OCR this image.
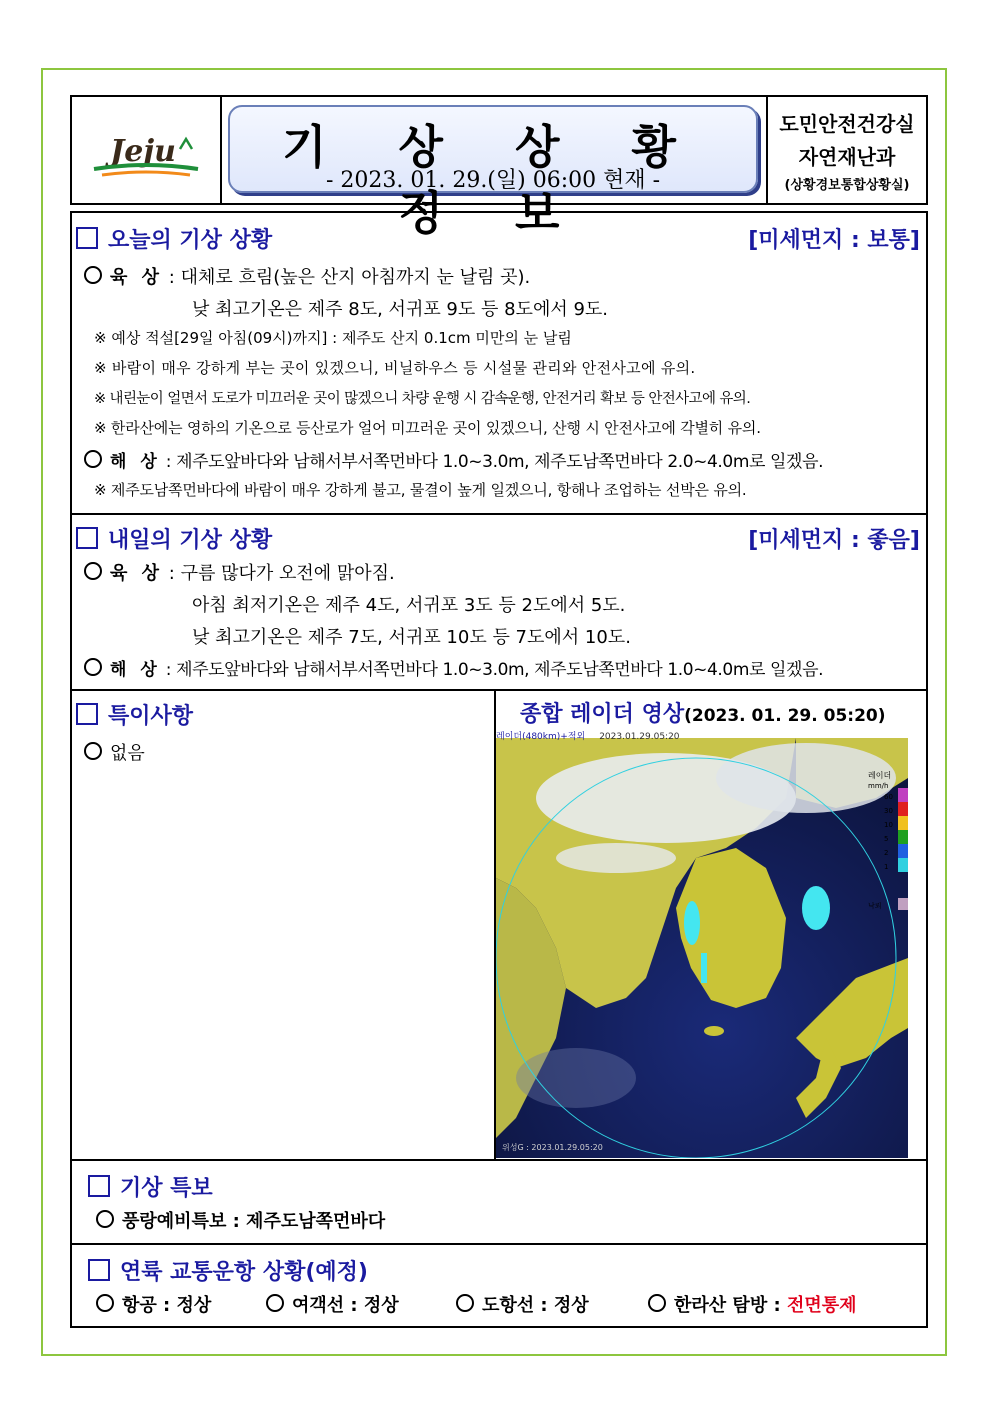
Jeju	기 상 상 황 정 보
- 2023. 01. 29.(일) 06:00 현재 -
도민안전건강실
자연재난과
(상황경보통합상황실)
오늘의 기상 상황	[미세먼지 : 보통]
육 상 : 대체로 흐림(높은 산지 아침까지 눈 날림 곳).
낮 최고기온은 제주 8도, 서귀포 9도 등 8도에서 9도.
※ 예상 적설[29일 아침(09시)까지] : 제주도 산지 0.1cm 미만의 눈 날림
※ 바람이 매우 강하게 부는 곳이 있겠으니, 비닐하우스 등 시설물 관리와 안전사고에 유의.
※ 내린눈이 얼면서 도로가 미끄러운 곳이 많겠으니 차량 운행 시 감속운행, 안전거리 확보 등 안전사고에 유의.
※ 한라산에는 영하의 기온으로 등산로가 얼어 미끄러운 곳이 있겠으니, 산행 시 안전사고에 각별히 유의.
해 상 : 제주도앞바다와 남해서부서쪽먼바다 1.0~3.0m, 제주도남쪽먼바다 2.0~4.0m로 일겠음.
※ 제주도남쪽먼바다에 바람이 매우 강하게 불고, 물결이 높게 일겠으니, 항해나 조업하는 선박은 유의.
내일의 기상 상황	[미세먼지 : 좋음]
육 상 : 구름 많다가 오전에 맑아짐.
아침 최저기온은 제주 4도, 서귀포 3도 등 2도에서 5도.
낮 최고기온은 제주 7도, 서귀포 10도 등 7도에서 10도.
해 상 : 제주도앞바다와 남해서부서쪽먼바다 1.0~3.0m, 제주도남쪽먼바다 1.0~4.0m로 일겠음.
특이사항
없음
종합 레이더 영상(2023. 01. 29. 05:20)
레이더(480km)+적외 2023.01.29.05:20
레이더
mm/h
60
30
10
5
2
1
낙뢰
위성G : 2023.01.29.05:20
기상 특보
풍랑예비특보 : 제주도남쪽먼바다
연륙 교통운항 상황(예정)
항공 : 정상	여객선 : 정상	도항선 : 정상	한라산 탐방 : 전면통제
